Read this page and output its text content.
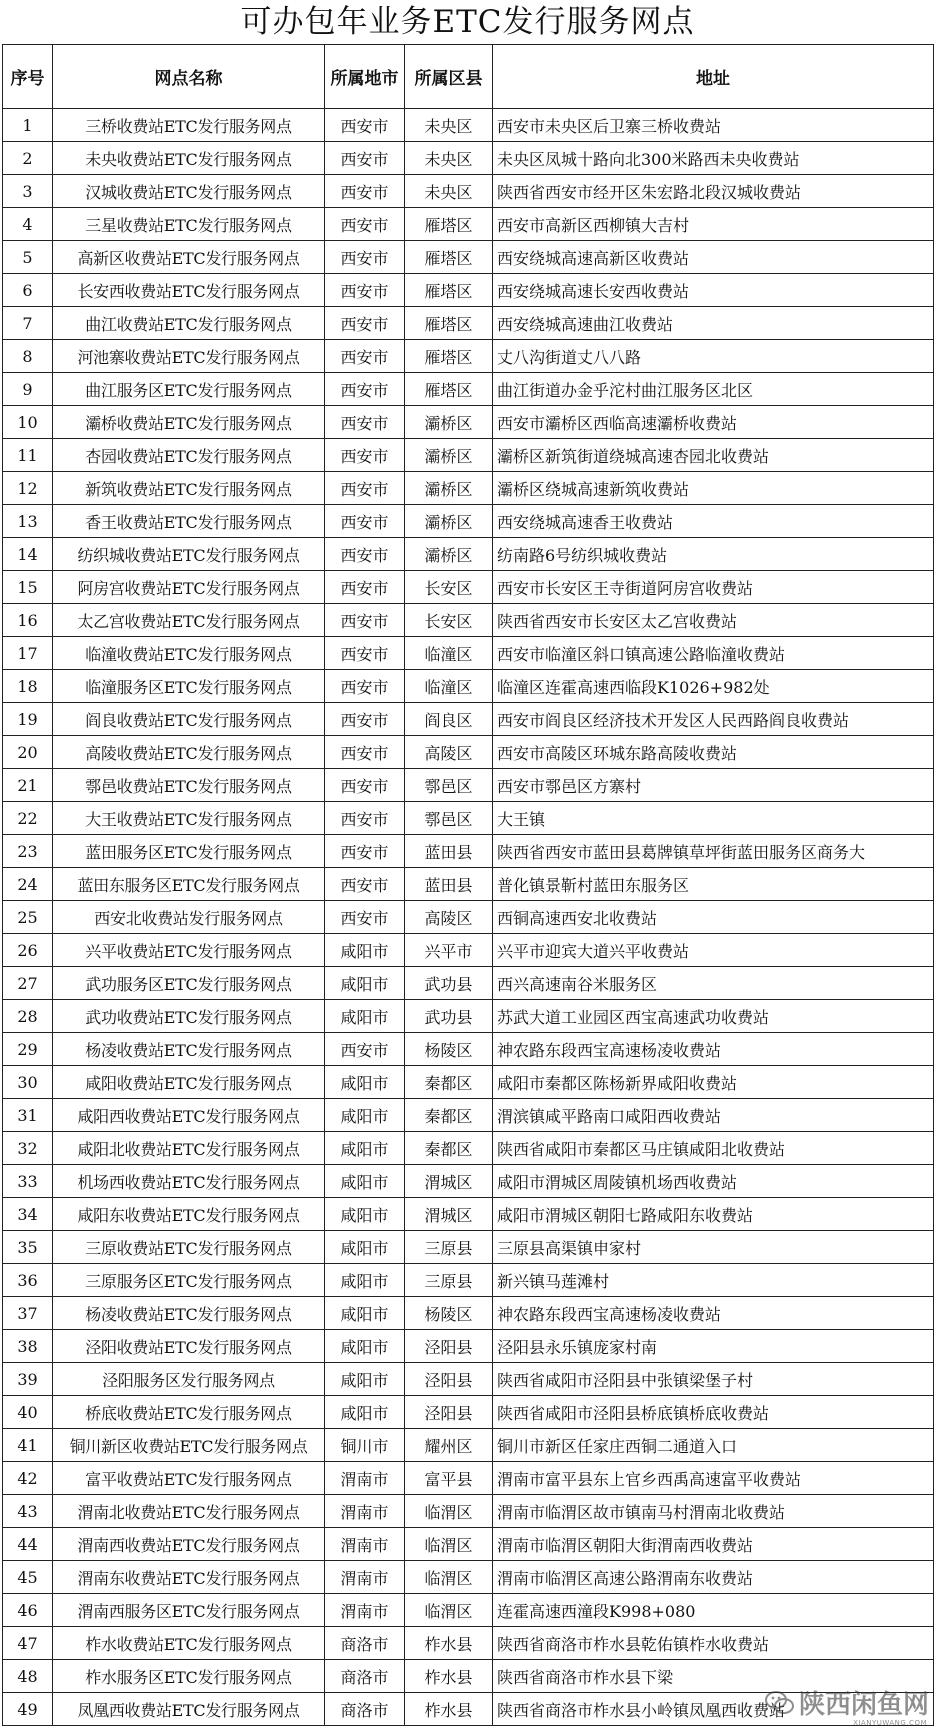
可办包年业务ETC发行服务网点
序号	网点名称	所属地市	所属区县	地址
1	三桥收费站ETC发行服务网点	西安市	未央区	西安市未央区后卫寨三桥收费站
2	未央收费站ETC发行服务网点	西安市	未央区	未央区凤城十路向北300米路西未央收费站
3	汉城收费站ETC发行服务网点	西安市	未央区	陕西省西安市经开区朱宏路北段汉城收费站
4	三星收费站ETC发行服务网点	西安市	雁塔区	西安市高新区西柳镇大吉村
5	高新区收费站ETC发行服务网点	西安市	雁塔区	西安绕城高速高新区收费站
6	长安西收费站ETC发行服务网点	西安市	雁塔区	西安绕城高速长安西收费站
7	曲江收费站ETC发行服务网点	西安市	雁塔区	西安绕城高速曲江收费站
8	河池寨收费站ETC发行服务网点	西安市	雁塔区	丈八沟街道丈八八路
9	曲江服务区ETC发行服务网点	西安市	雁塔区	曲江街道办金乎沱村曲江服务区北区
10	灞桥收费站ETC发行服务网点	西安市	灞桥区	西安市灞桥区西临高速灞桥收费站
11	杏园收费站ETC发行服务网点	西安市	灞桥区	灞桥区新筑街道绕城高速杏园北收费站
12	新筑收费站ETC发行服务网点	西安市	灞桥区	灞桥区绕城高速新筑收费站
13	香王收费站ETC发行服务网点	西安市	灞桥区	西安绕城高速香王收费站
14	纺织城收费站ETC发行服务网点	西安市	灞桥区	纺南路6号纺织城收费站
15	阿房宫收费站ETC发行服务网点	西安市	长安区	西安市长安区王寺街道阿房宫收费站
16	太乙宫收费站ETC发行服务网点	西安市	长安区	陕西省西安市长安区太乙宫收费站
17	临潼收费站ETC发行服务网点	西安市	临潼区	西安市临潼区斜口镇高速公路临潼收费站
18	临潼服务区ETC发行服务网点	西安市	临潼区	临潼区连霍高速西临段K1026+982处
19	阎良收费站ETC发行服务网点	西安市	阎良区	西安市阎良区经济技术开发区人民西路阎良收费站
20	高陵收费站ETC发行服务网点	西安市	高陵区	西安市高陵区环城东路高陵收费站
21	鄠邑收费站ETC发行服务网点	西安市	鄠邑区	西安市鄠邑区方寨村
22	大王收费站ETC发行服务网点	西安市	鄠邑区	大王镇
23	蓝田服务区ETC发行服务网点	西安市	蓝田县	陕西省西安市蓝田县葛牌镇草坪街蓝田服务区商务大
24	蓝田东服务区ETC发行服务网点	西安市	蓝田县	普化镇景靳村蓝田东服务区
25	西安北收费站发行服务网点	西安市	高陵区	西铜高速西安北收费站
26	兴平收费站ETC发行服务网点	咸阳市	兴平市	兴平市迎宾大道兴平收费站
27	武功服务区ETC发行服务网点	咸阳市	武功县	西兴高速南谷米服务区
28	武功收费站ETC发行服务网点	咸阳市	武功县	苏武大道工业园区西宝高速武功收费站
29	杨凌收费站ETC发行服务网点	西安市	杨陵区	神农路东段西宝高速杨凌收费站
30	咸阳收费站ETC发行服务网点	咸阳市	秦都区	咸阳市秦都区陈杨新界咸阳收费站
31	咸阳西收费站ETC发行服务网点	咸阳市	秦都区	渭滨镇咸平路南口咸阳西收费站
32	咸阳北收费站ETC发行服务网点	咸阳市	秦都区	陕西省咸阳市秦都区马庄镇咸阳北收费站
33	机场西收费站ETC发行服务网点	咸阳市	渭城区	咸阳市渭城区周陵镇机场西收费站
34	咸阳东收费站ETC发行服务网点	咸阳市	渭城区	咸阳市渭城区朝阳七路咸阳东收费站
35	三原收费站ETC发行服务网点	咸阳市	三原县	三原县高渠镇申家村
36	三原服务区ETC发行服务网点	咸阳市	三原县	新兴镇马莲滩村
37	杨凌收费站ETC发行服务网点	咸阳市	杨陵区	神农路东段西宝高速杨凌收费站
38	泾阳收费站ETC发行服务网点	咸阳市	泾阳县	泾阳县永乐镇庞家村南
39	泾阳服务区发行服务网点	咸阳市	泾阳县	陕西省咸阳市泾阳县中张镇梁堡子村
40	桥底收费站ETC发行服务网点	咸阳市	泾阳县	陕西省咸阳市泾阳县桥底镇桥底收费站
41	铜川新区收费站ETC发行服务网点	铜川市	耀州区	铜川市新区任家庄西铜二通道入口
42	富平收费站ETC发行服务网点	渭南市	富平县	渭南市富平县东上官乡西禹高速富平收费站
43	渭南北收费站ETC发行服务网点	渭南市	临渭区	渭南市临渭区故市镇南马村渭南北收费站
44	渭南西收费站ETC发行服务网点	渭南市	临渭区	渭南市临渭区朝阳大街渭南西收费站
45	渭南东收费站ETC发行服务网点	渭南市	临渭区	渭南市临渭区高速公路渭南东收费站
46	渭南西服务区ETC发行服务网点	渭南市	临渭区	连霍高速西潼段K998+080
47	柞水收费站ETC发行服务网点	商洛市	柞水县	陕西省商洛市柞水县乾佑镇柞水收费站
48	柞水服务区ETC发行服务网点	商洛市	柞水县	陕西省商洛市柞水县下梁
49	凤凰西收费站ETC发行服务网点	商洛市	柞水县	陕西省商洛市柞水县小岭镇凤凰西收费站 陕西闲鱼网
XIANYUWANG.COM
